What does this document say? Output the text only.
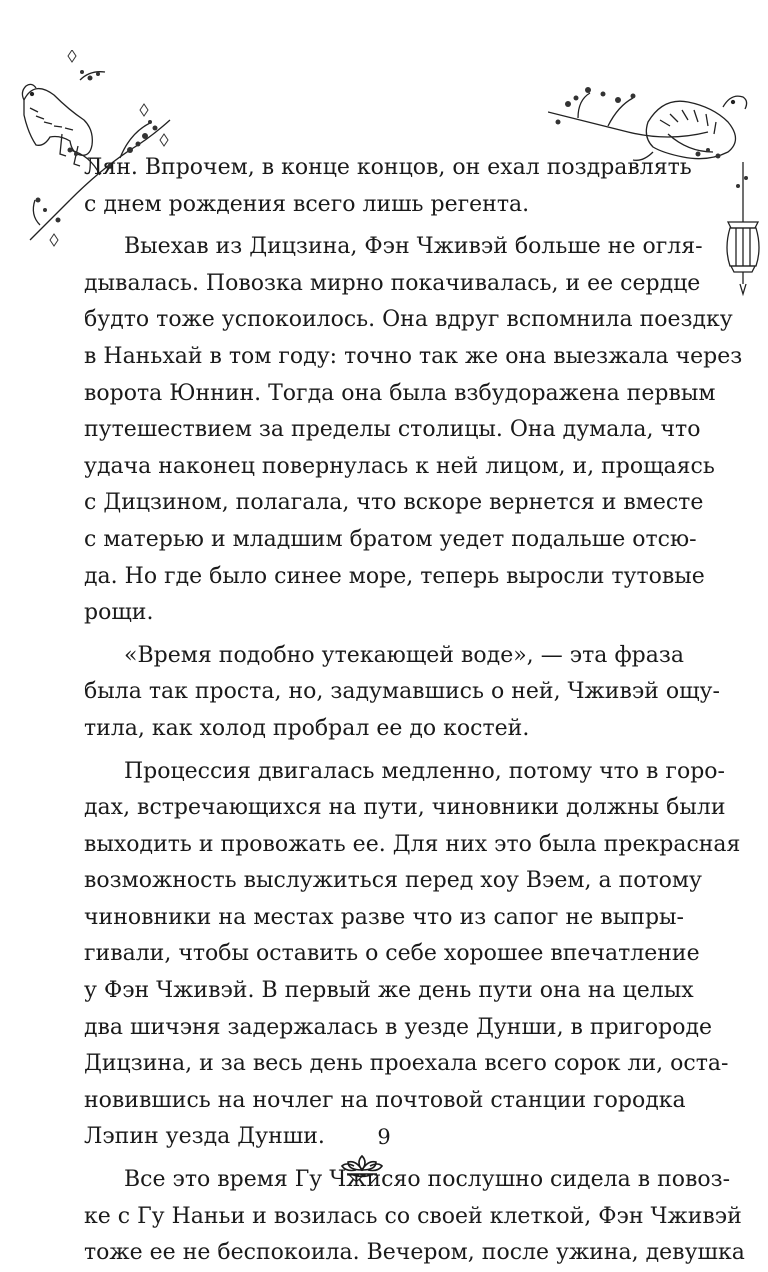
Лян. Впрочем, в конце концов, он ехал поздравлять
с днем рождения всего лишь регента.
Выехав из Дицзина, Фэн Чживэй больше не огля-
дывалась. Повозка мирно покачивалась, и ее сердце
будто тоже успокоилось. Она вдруг вспомнила поездку
в Наньхай в том году: точно так же она выезжала через
ворота Юннин. Тогда она была взбудоражена первым
путешествием за пределы столицы. Она думала, что
удача наконец повернулась к ней лицом, и, прощаясь
с Дицзином, полагала, что вскоре вернется и вместе
с матерью и младшим братом уедет подальше отсю-
да. Но где было синее море, теперь выросли тутовые
рощи.
«Время подобно утекающей воде», — эта фраза
была так проста, но, задумавшись о ней, Чживэй ощу-
тила, как холод пробрал ее до костей.
Процессия двигалась медленно, потому что в горо-
дах, встречающихся на пути, чиновники должны были
выходить и провожать ее. Для них это была прекрасная
возможность выслужиться перед хоу Вэем, а потому
чиновники на местах разве что из сапог не выпры-
гивали, чтобы оставить о себе хорошее впечатление
у Фэн Чживэй. В первый же день пути она на целых
два шичэня задержалась в уезде Дунши, в пригороде
Дицзина, и за весь день проехала всего сорок ли, оста-
новившись на ночлег на почтовой станции городка
Лэпин уезда Дунши.
Все это время Гу Чжисяо послушно сидела в повоз-
ке с Гу Наньи и возилась со своей клеткой, Фэн Чживэй
тоже ее не беспокоила. Вечером, после ужина, девушка
9
